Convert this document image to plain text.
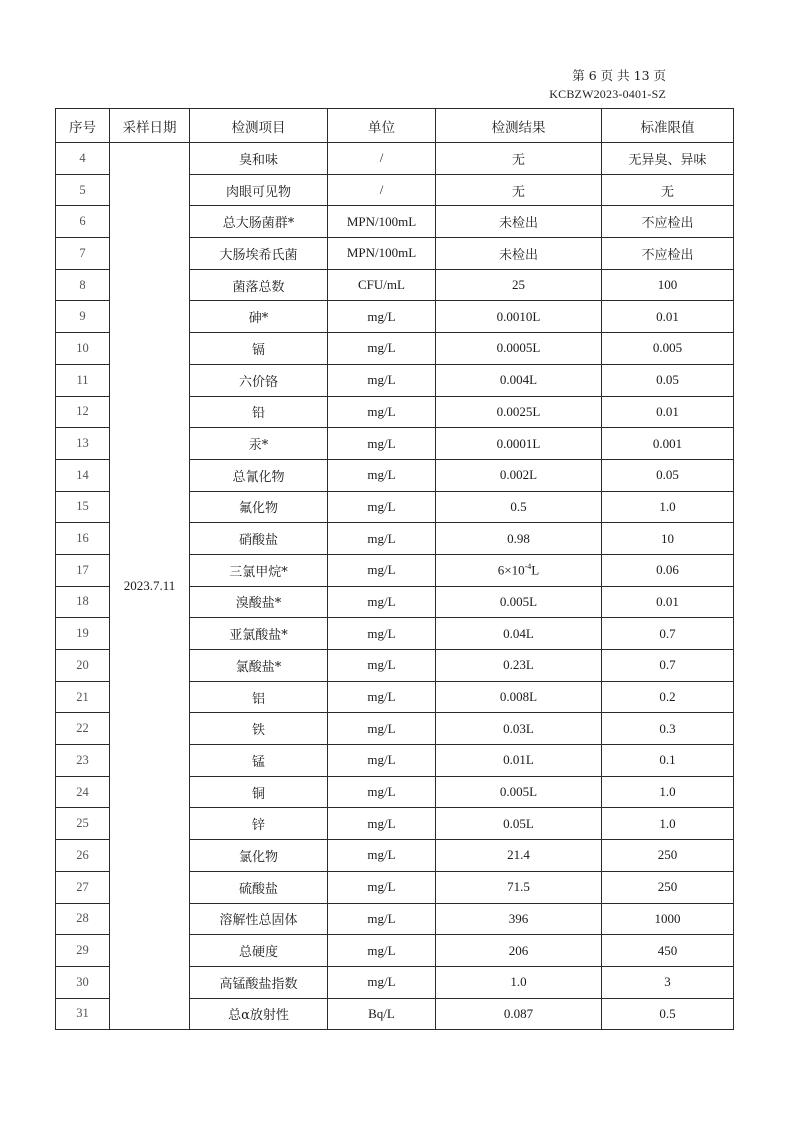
第 6 页 共 13 页
KCBZW2023-0401-SZ
序号	采样日期	检测项目	单位	检测结果	标准限值
4	2023.7.11	臭和味	/	无	无异臭、异味
5		肉眼可见物	/	无	无
6		总大肠菌群*	MPN/100mL	未检出	不应检出
7		大肠埃希氏菌	MPN/100mL	未检出	不应检出
8		菌落总数	CFU/mL	25	100
9		砷*	mg/L	0.0010L	0.01
10		镉	mg/L	0.0005L	0.005
11		六价铬	mg/L	0.004L	0.05
12		铅	mg/L	0.0025L	0.01
13		汞*	mg/L	0.0001L	0.001
14		总氰化物	mg/L	0.002L	0.05
15		氟化物	mg/L	0.5	1.0
16		硝酸盐	mg/L	0.98	10
17		三氯甲烷*	mg/L	$6\times 10^{-4}L$	0.06
18		溴酸盐*	mg/L	0.005L	0.01
19		亚氯酸盐*	mg/L	0.04L	0.7
20		氯酸盐*	mg/L	0.23L	0.7
21		铝	mg/L	0.008L	0.2
22		铁	mg/L	0.03L	0.3
23		锰	mg/L	0.01L	0.1
24		铜	mg/L	0.005L	1.0
25		锌	mg/L	0.05L	1.0
26		氯化物	mg/L	21.4	250
27		硫酸盐	mg/L	71.5	250
28		溶解性总固体	mg/L	396	1000
29		总硬度	mg/L	206	450
30		高锰酸盐指数	mg/L	1.0	3
31		总α放射性	Bq/L	0.087	0.5
